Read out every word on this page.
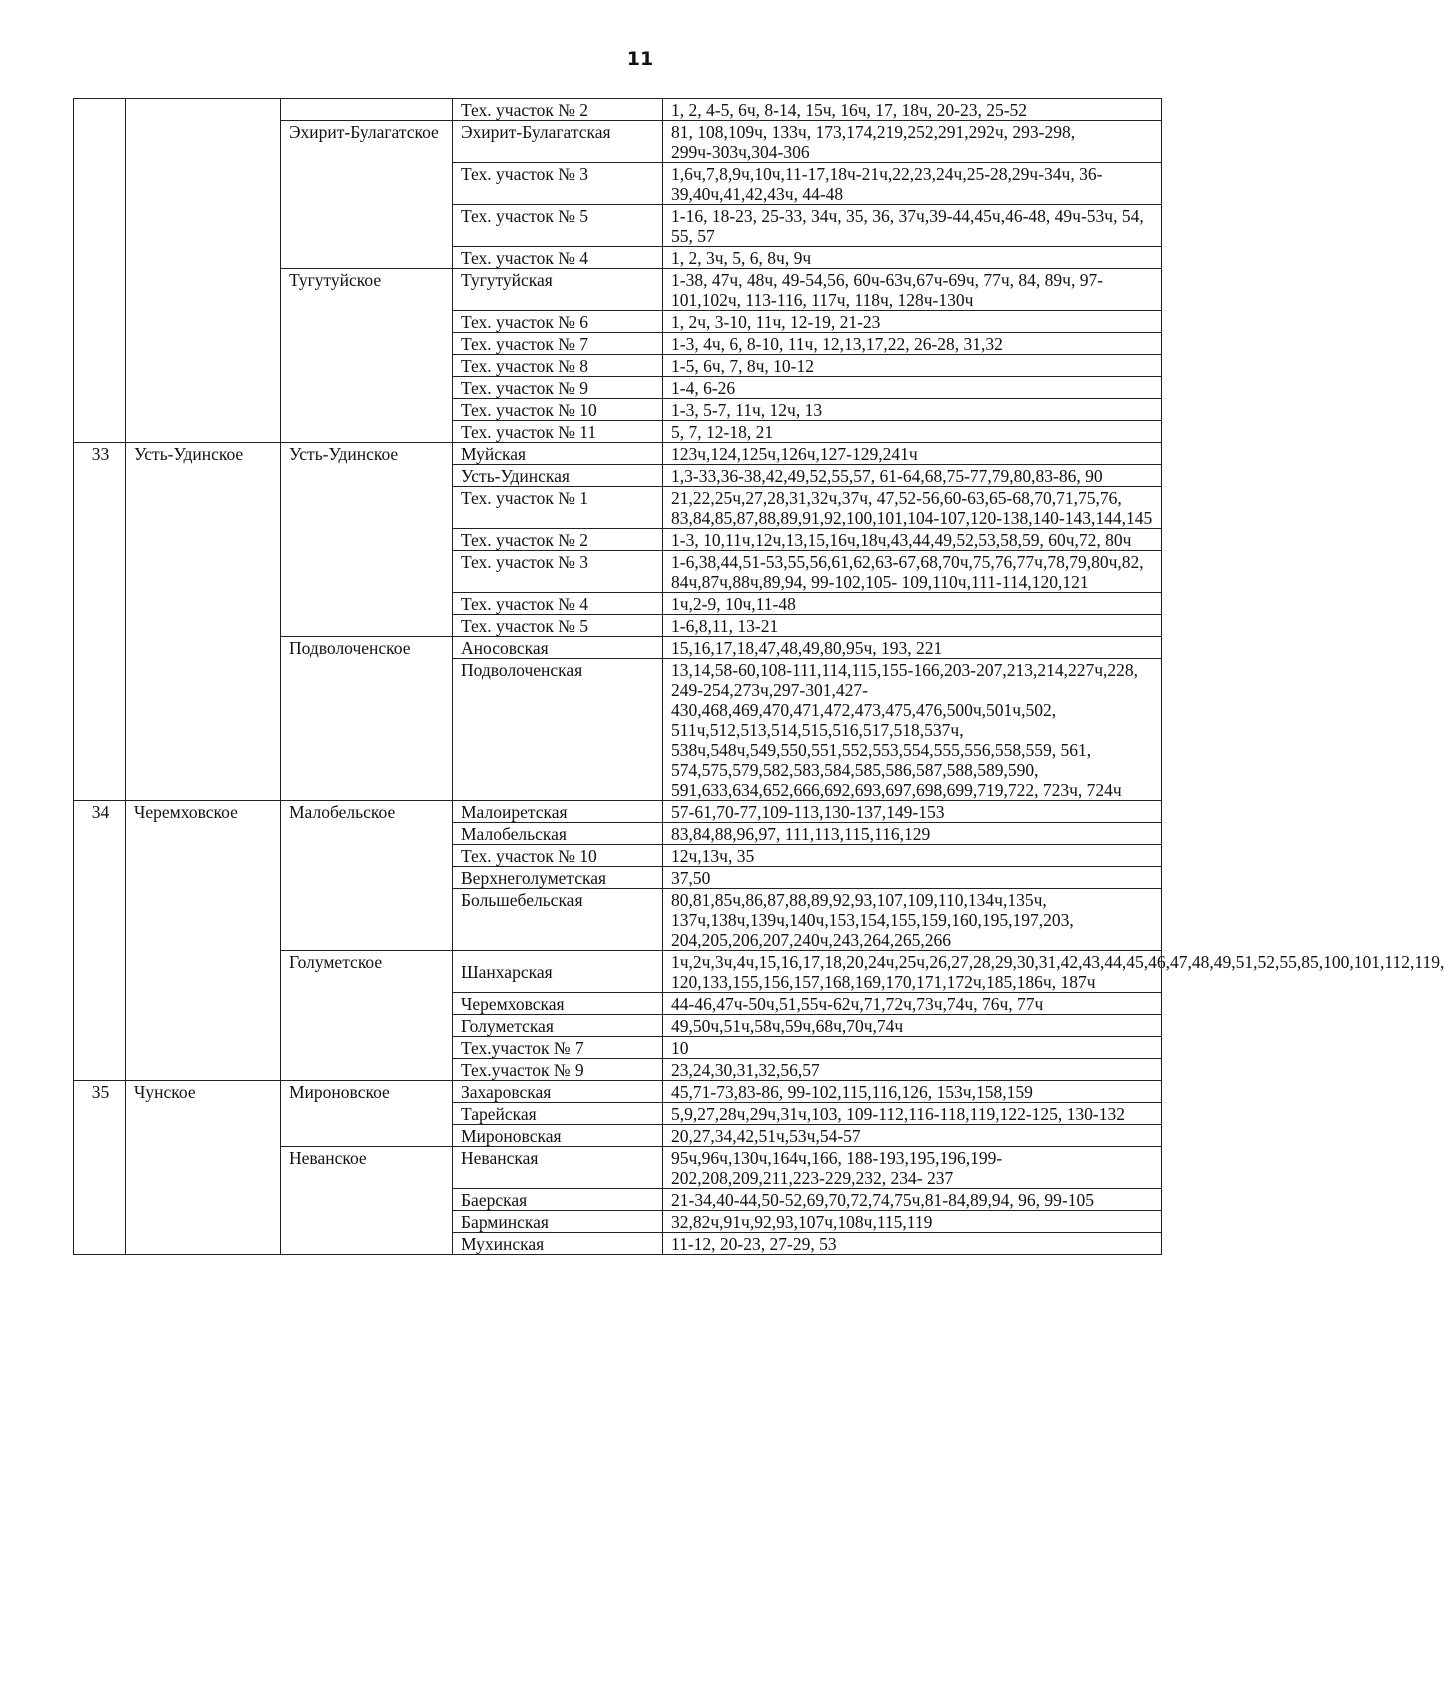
11
			Тех. участок № 2	1, 2, 4-5, 6ч, 8-14, 15ч, 16ч, 17, 18ч, 20-23, 25-52
		Эхирит-Булагатское	Эхирит-Булагатская	81, 108,109ч, 133ч, 173,174,219,252,291,292ч, 293-298, 299ч-303ч,304-306
			Тех. участок № 3	1,6ч,7,8,9ч,10ч,11-17,18ч-21ч,22,23,24ч,25-28,29ч-34ч, 36-39,40ч,41,42,43ч, 44-48
			Тех. участок № 5	1-16, 18-23, 25-33, 34ч, 35, 36, 37ч,39-44,45ч,46-48, 49ч-53ч, 54, 55, 57
			Тех. участок № 4	1, 2, 3ч, 5, 6, 8ч, 9ч
		Тугутуйское	Тугутуйская	1-38, 47ч, 48ч, 49-54,56, 60ч-63ч,67ч-69ч, 77ч, 84, 89ч, 97-101,102ч, 113-116, 117ч, 118ч, 128ч-130ч
			Тех. участок № 6	1, 2ч, 3-10, 11ч, 12-19, 21-23
			Тех. участок № 7	1-3, 4ч, 6, 8-10, 11ч, 12,13,17,22, 26-28, 31,32
			Тех. участок № 8	1-5, 6ч, 7, 8ч, 10-12
			Тех. участок № 9	1-4, 6-26
			Тех. участок № 10	1-3, 5-7, 11ч, 12ч, 13
			Тех. участок № 11	5, 7, 12-18, 21
33	Усть-Удинское	Усть-Удинское	Муйская	123ч,124,125ч,126ч,127-129,241ч
			Усть-Удинская	1,3-33,36-38,42,49,52,55,57, 61-64,68,75-77,79,80,83-86, 90
			Тех. участок № 1	21,22,25ч,27,28,31,32ч,37ч, 47,52-56,60-63,65-68,70,71,75,76, 83,84,85,87,88,89,91,92,100,101,104-107,120-138,140-143,144,145
			Тех. участок № 2	1-3, 10,11ч,12ч,13,15,16ч,18ч,43,44,49,52,53,58,59, 60ч,72, 80ч
			Тех. участок № 3	1-6,38,44,51-53,55,56,61,62,63-67,68,70ч,75,76,77ч,78,79,80ч,82, 84ч,87ч,88ч,89,94, 99-102,105- 109,110ч,111-114,120,121
			Тех. участок № 4	1ч,2-9, 10ч,11-48
			Тех. участок № 5	1-6,8,11, 13-21
		Подволоченское	Аносовская	15,16,17,18,47,48,49,80,95ч, 193, 221
			Подволоченская	13,14,58-60,108-111,114,115,155-166,203-207,213,214,227ч,228, 249-254,273ч,297-301,427-430,468,469,470,471,472,473,475,476,500ч,501ч,502, 511ч,512,513,514,515,516,517,518,537ч, 538ч,548ч,549,550,551,552,553,554,555,556,558,559, 561, 574,575,579,582,583,584,585,586,587,588,589,590, 591,633,634,652,666,692,693,697,698,699,719,722, 723ч, 724ч
34	Черемховское	Малобельское	Малоиретская	57-61,70-77,109-113,130-137,149-153
			Малобельская	83,84,88,96,97, 111,113,115,116,129
			Тех. участок № 10	12ч,13ч, 35
			Верхнеголуметская	37,50
			Большебельская	80,81,85ч,86,87,88,89,92,93,107,109,110,134ч,135ч, 137ч,138ч,139ч,140ч,153,154,155,159,160,195,197,203, 204,205,206,207,240ч,243,264,265,266
		Голуметское	Шанхарская	1ч,2ч,3ч,4ч,15,16,17,18,20,24ч,25ч,26,27,28,29,30,31,42,43,44,45,46,47,48,49,51,52,55,85,100,101,112,119, 120,133,155,156,157,168,169,170,171,172ч,185,186ч, 187ч
			Черемховская	44-46,47ч-50ч,51,55ч-62ч,71,72ч,73ч,74ч, 76ч, 77ч
			Голуметская	49,50ч,51ч,58ч,59ч,68ч,70ч,74ч
			Тех.участок № 7	10
			Тех.участок № 9	23,24,30,31,32,56,57
35	Чунское	Мироновское	Захаровская	45,71-73,83-86, 99-102,115,116,126, 153ч,158,159
			Тарейская	5,9,27,28ч,29ч,31ч,103, 109-112,116-118,119,122-125, 130-132
			Мироновская	20,27,34,42,51ч,53ч,54-57
		Неванское	Неванская	95ч,96ч,130ч,164ч,166, 188-193,195,196,199-202,208,209,211,223-229,232, 234- 237
			Баерская	21-34,40-44,50-52,69,70,72,74,75ч,81-84,89,94, 96, 99-105
			Барминская	32,82ч,91ч,92,93,107ч,108ч,115,119
			Мухинская	11-12, 20-23, 27-29, 53
